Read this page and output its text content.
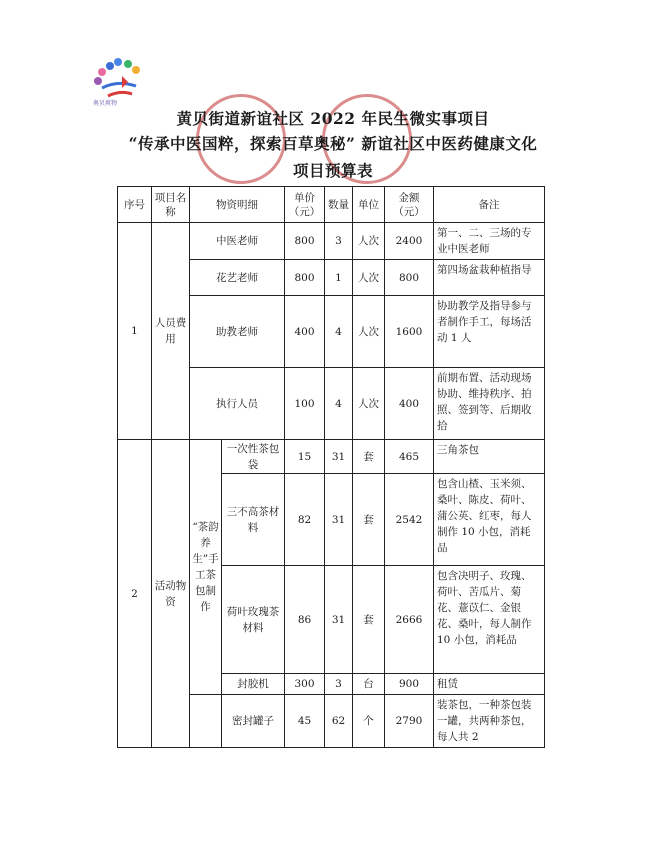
奥贝爽物
黄贝街道新谊社区 2022 年民生微实事项目
“传承中医国粹，探索百草奥秘” 新谊社区中医药健康文化
项目预算表
序号	项目名称	物资明细		单价（元）	数量	单位	金额（元）	备注
1	人员费用	中医老师		800	3	人次	2400	第一、二、三场的专业中医老师
		花艺老师		800	1	人次	800	第四场盆栽种植指导
		助教老师		400	4	人次	1600	协助教学及指导参与者制作手工，每场活动 1 人
		执行人员		100	4	人次	400	前期布置、活动现场协助、维持秩序、拍照、签到等、后期收拾
2	活动物资	“茶韵养生”手工茶包制作	一次性茶包袋	15	31	套	465	三角茶包
			三不高茶材料	82	31	套	2542	包含山楂、玉米须、桑叶、陈皮、荷叶、蒲公英、红枣，每人制作 10 小包，消耗品
			荷叶玫瑰茶材料	86	31	套	2666	包含决明子、玫瑰、荷叶、苦瓜片、菊花、薏苡仁、金银花、桑叶，每人制作 10 小包，消耗品
			封胶机	300	3	台	900	租赁
			密封罐子	45	62	个	2790	装茶包，一种茶包装一罐，共两种茶包，每人共 2
